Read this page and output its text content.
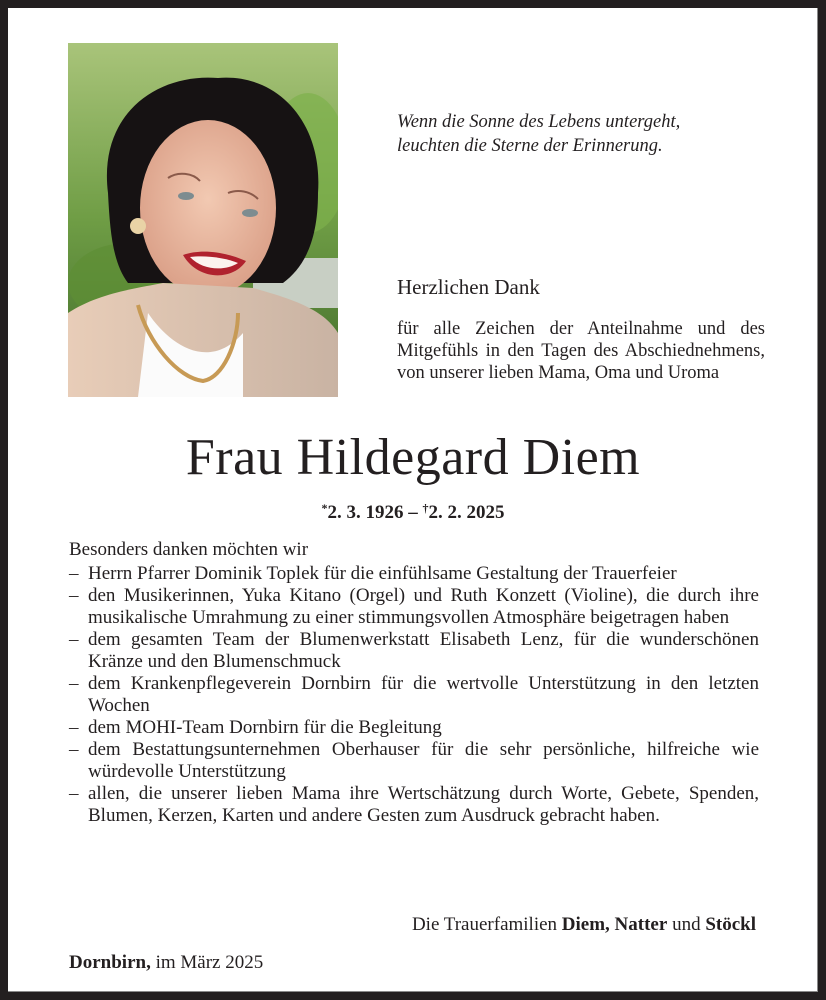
Wenn die Sonne des Lebens untergeht,
leuchten die Sterne der Erinnerung.
Herzlichen Dank
für alle Zeichen der Anteilnahme und des Mitgefühls in den Tagen des Abschiednehmens, von unserer lieben Mama, Oma und Uroma
Frau Hildegard Diem
*2. 3. 1926 – †2. 2. 2025
Besonders danken möchten wir
– Herrn Pfarrer Dominik Toplek für die einfühlsame Gestaltung der Trauerfeier
– den Musikerinnen, Yuka Kitano (Orgel) und Ruth Konzett (Violine), die durch ihre musikalische Umrahmung zu einer stimmungsvollen Atmosphäre beigetragen haben
– dem gesamten Team der Blumenwerkstatt Elisabeth Lenz, für die wunderschönen Kränze und den Blumenschmuck
– dem Krankenpflegeverein Dornbirn für die wertvolle Unterstützung in den letzten Wochen
– dem MOHI-Team Dornbirn für die Begleitung
– dem Bestattungsunternehmen Oberhauser für die sehr persönliche, hilfreiche wie würdevolle Unterstützung
– allen, die unserer lieben Mama ihre Wertschätzung durch Worte, Gebete, Spenden, Blumen, Kerzen, Karten und andere Gesten zum Ausdruck gebracht haben.
Die Trauerfamilien Diem, Natter und Stöckl
Dornbirn, im März 2025
